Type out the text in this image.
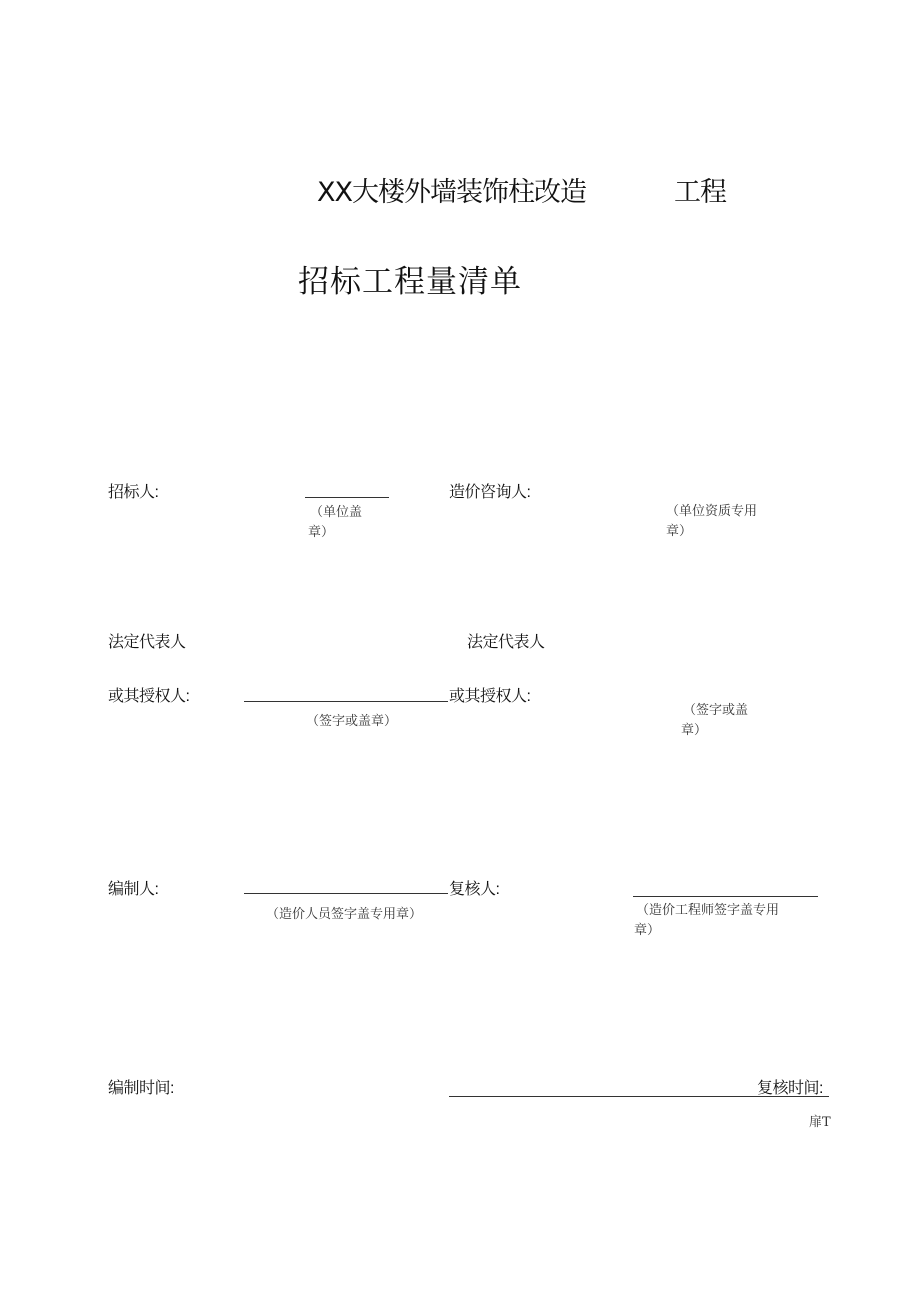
XX大楼外墙装饰柱改造	工程
招标工程量清单
招标人:
（单位盖
章）
造价咨询人:
（单位资质专用
章）
法定代表人
或其授权人:
（签字或盖章）
法定代表人
或其授权人:
（签字或盖
章）
编制人:
（造价人员签字盖专用章）
复核人:
（造价工程师签字盖专用
章）
编制时间:	复核时间:
扉T
